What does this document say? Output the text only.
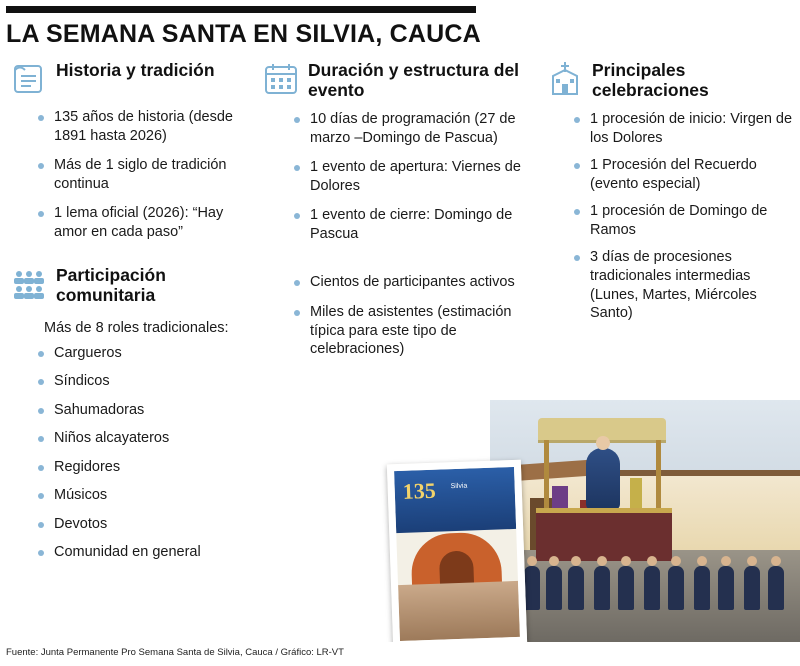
LA SEMANA SANTA EN SILVIA, CAUCA
Historia y tradición
135 años de historia (desde 1891 hasta 2026)
Más de 1 siglo de tradición continua
1 lema oficial (2026): “Hay amor en cada paso”
Participación comunitaria
Más de 8 roles tradicionales:
Cargueros
Síndicos
Sahumadoras
Niños alcayateros
Regidores
Músicos
Devotos
Comunidad en general
Duración y estructura del evento
10 días de programación (27 de marzo –Domingo de Pascua)
1 evento de apertura: Viernes de Dolores
1 evento de cierre: Domingo de Pascua
Cientos de participantes activos
Miles de asistentes (estimación típica para este tipo de celebraciones)
Principales celebraciones
1 procesión de inicio: Virgen de los Dolores
1 Procesión del Recuerdo (evento especial)
1 procesión de Domingo de Ramos
3 días de procesiones tradicionales intermedias (Lunes, Martes, Miércoles Santo)
135 Silvia
Fuente: Junta Permanente Pro Semana Santa de Silvia, Cauca / Gráfico: LR-VT
